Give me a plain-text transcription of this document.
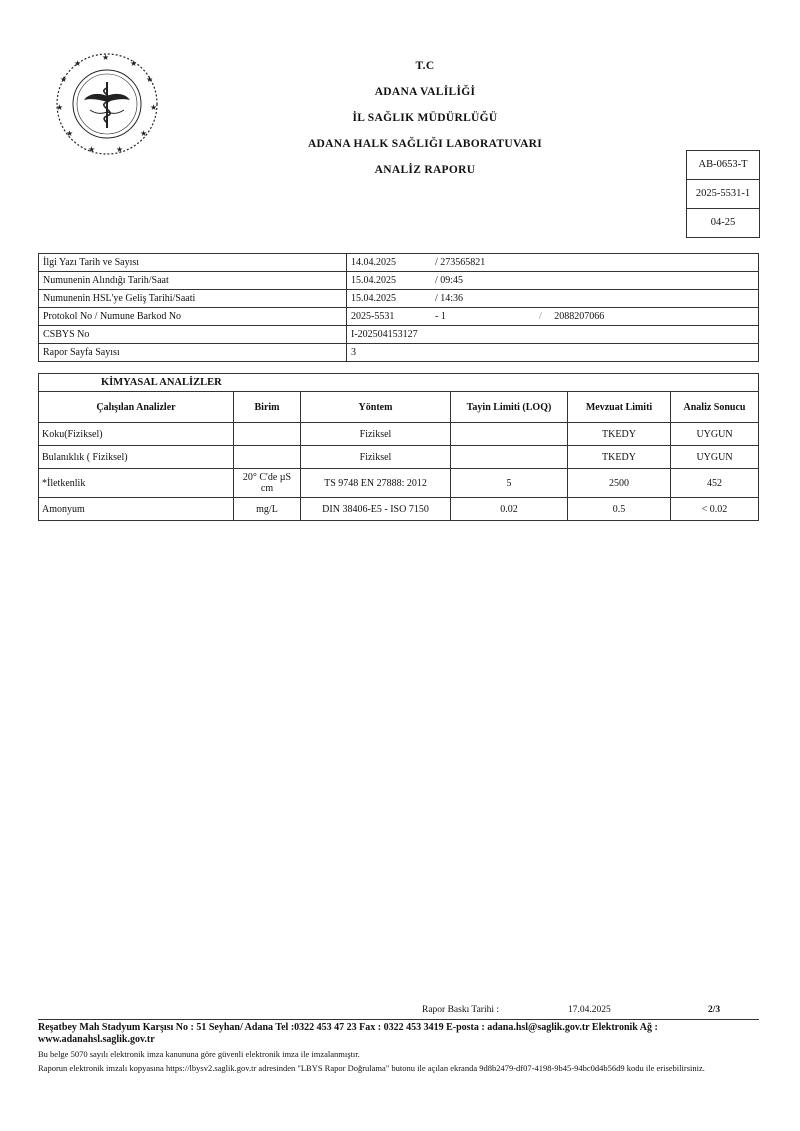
★
★
★
★
★
★
★
★
★
★
★
T.C
ADANA VALİLİĞİ
İL SAĞLIK MÜDÜRLÜĞÜ
ADANA HALK SAĞLIĞI LABORATUVARI
ANALİZ RAPORU	AB-0653-T
2025-5531-1
04-25
İlgi Yazı Tarih ve Sayısı	14.04.2025 / 273565821
Numunenin Alındığı Tarih/Saat	15.04.2025 / 09:45
Numunenin HSL'ye Geliş Tarihi/Saati	15.04.2025 / 14:36
Protokol No / Numune Barkod No	2025-5531 - 1 /     2088207066
CSBYS No	I-202504153127
Rapor Sayfa Sayısı	3
KİMYASAL ANALİZLER					
Çalışılan Analizler	Birim	Yöntem	Tayin Limiti (LOQ)	Mevzuat Limiti	Analiz Sonucu
Koku(Fiziksel)		Fiziksel		TKEDY	UYGUN
Bulanıklık ( Fiziksel)		Fiziksel		TKEDY	UYGUN
*İletkenlik	20° C'de µS cm	TS 9748 EN 27888: 2012	5	2500	452
Amonyum	mg/L	DIN 38406-E5 - ISO 7150	0.02	0.5	< 0.02
Rapor Baskı Tarihi :	17.04.2025	2/3
Reşatbey Mah Stadyum Karşısı No : 51 Seyhan/ Adana Tel :0322 453 47 23 Fax : 0322 453 3419 E-posta : adana.hsl@saglik.gov.tr Elektronik Ağ : www.adanahsl.saglik.gov.tr
Bu belge 5070 sayılı elektronik imza kanununa göre güvenli elektronik imza ile imzalanmıştır.
Raporun elektronik imzalı kopyasına https://lbysv2.saglik.gov.tr adresinden "LBYS Rapor Doğrulama" butonu ile açılan ekranda 9d8b2479-df07-4198-9b45-94bc0d4b56d9 kodu ile erisebilirsiniz.
